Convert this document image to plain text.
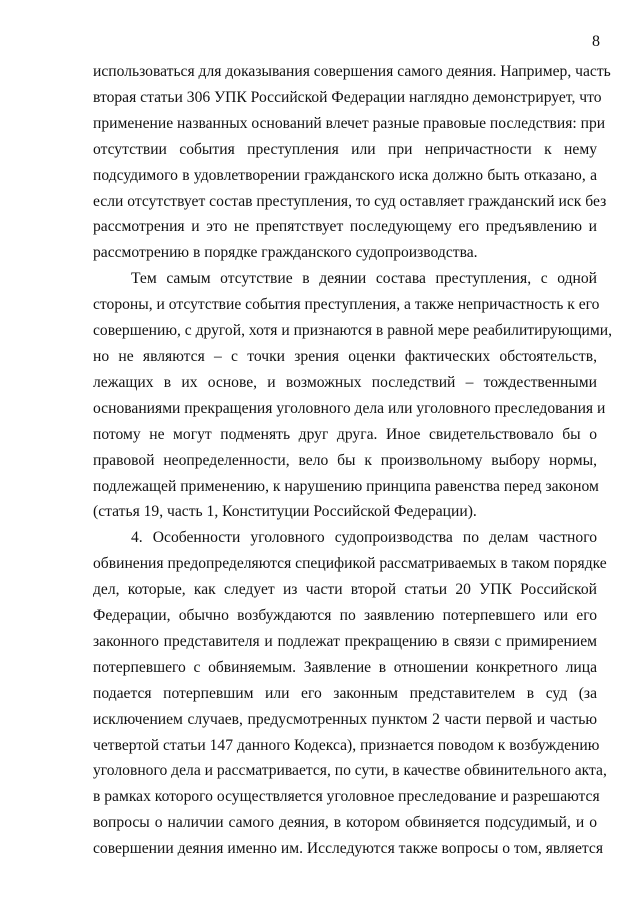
8

использоваться для доказывания совершения самого деяния. Например, часть
вторая статьи 306 УПК Российской Федерации наглядно демонстрирует, что
применение названных оснований влечет разные правовые последствия: при
отсутствии события преступления или при непричастности к нему
подсудимого в удовлетворении гражданского иска должно быть отказано, а
если отсутствует состав преступления, то суд оставляет гражданский иск без
рассмотрения и это не препятствует последующему его предъявлению и
рассмотрению в порядке гражданского судопроизводства.

Тем самым отсутствие в деянии состава преступления, с одной
стороны, и отсутствие события преступления, а также непричастность к его
совершению, с другой, хотя и признаются в равной мере реабилитирующими,
но не являются – с точки зрения оценки фактических обстоятельств,
лежащих в их основе, и возможных последствий – тождественными
основаниями прекращения уголовного дела или уголовного преследования и
потому не могут подменять друг друга. Иное свидетельствовало бы о
правовой неопределенности, вело бы к произвольному выбору нормы,
подлежащей применению, к нарушению принципа равенства перед законом
(статья 19, часть 1, Конституции Российской Федерации).

4. Особенности уголовного судопроизводства по делам частного
обвинения предопределяются спецификой рассматриваемых в таком порядке
дел, которые, как следует из части второй статьи 20 УПК Российской
Федерации, обычно возбуждаются по заявлению потерпевшего или его
законного представителя и подлежат прекращению в связи с примирением
потерпевшего с обвиняемым. Заявление в отношении конкретного лица
подается потерпевшим или его законным представителем в суд (за
исключением случаев, предусмотренных пунктом 2 части первой и частью
четвертой статьи 147 данного Кодекса), признается поводом к возбуждению
уголовного дела и рассматривается, по сути, в качестве обвинительного акта,
в рамках которого осуществляется уголовное преследование и разрешаются
вопросы о наличии самого деяния, в котором обвиняется подсудимый, и о
совершении деяния именно им. Исследуются также вопросы о том, является
